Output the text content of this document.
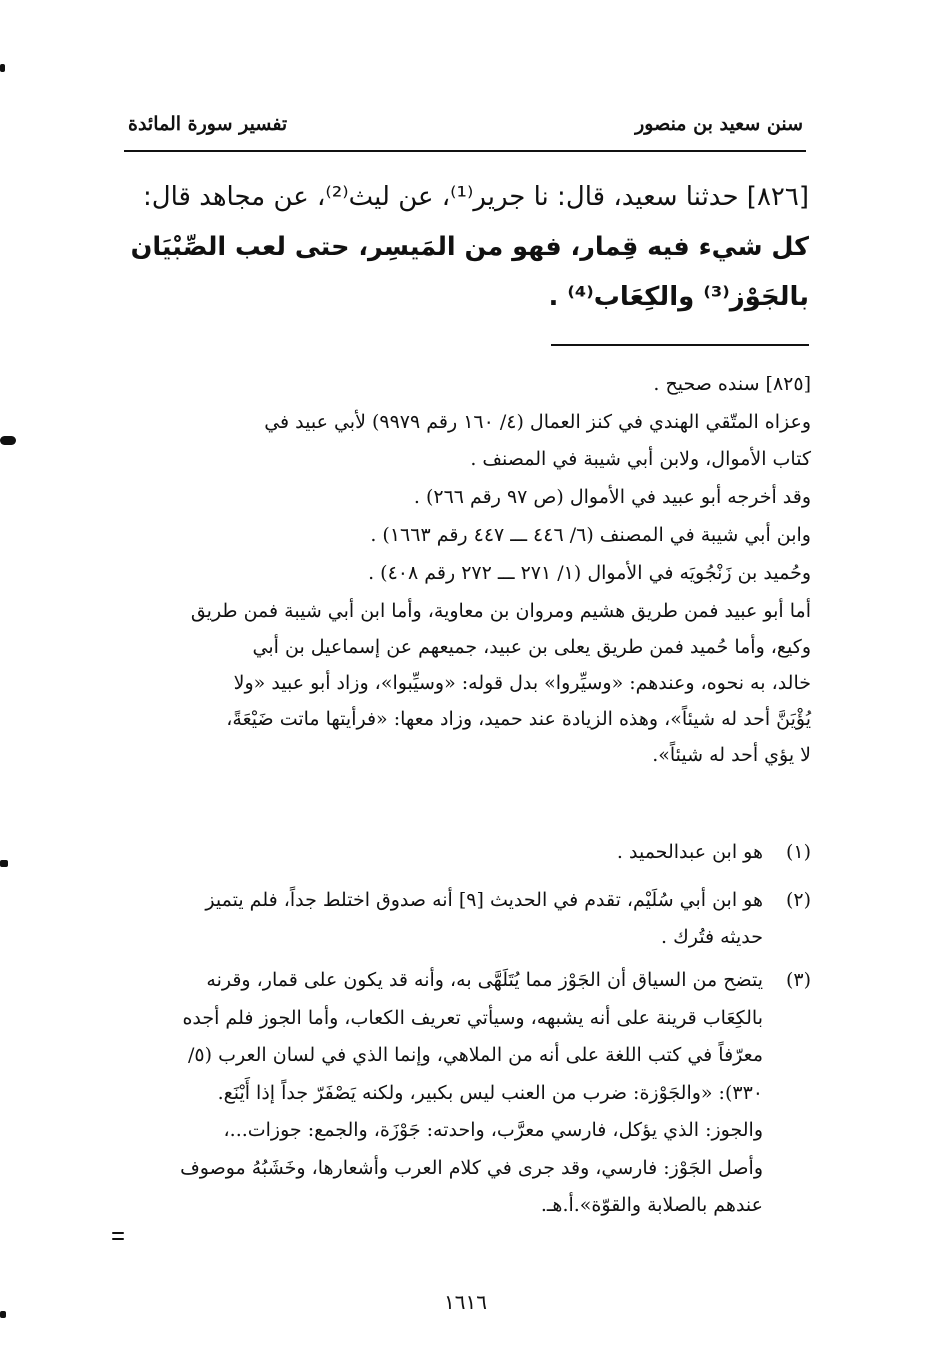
سنن سعيد بن منصور
تفسير سورة المائدة
[٨٢٦] حدثنا سعيد، قال: نا جرير⁽¹⁾، عن ليث⁽²⁾، عن مجاهد قال:
كل شيء فيه قِمار، فهو من المَيسِر، حتى لعب الصِّبْيَان
بالجَوْز⁽³⁾ والكِعَاب⁽⁴⁾ .
[٨٢٥] سنده صحيح .
وعزاه المتّقي الهندي في كنز العمال (٤/ ١٦٠ رقم ٩٩٧٩) لأبي عبيد في
كتاب الأموال، ولابن أبي شيبة في المصنف .
وقد أخرجه أبو عبيد في الأموال (ص ٩٧ رقم ٢٦٦) .
وابن أبي شيبة في المصنف (٦/ ٤٤٦ ـــ ٤٤٧ رقم ١٦٦٣) .
وحُميد بن زَنْجُويَه في الأموال (١/ ٢٧١ ـــ ٢٧٢ رقم ٤٠٨) .
أما أبو عبيد فمن طريق هشيم ومروان بن معاوية، وأما ابن أبي شيبة فمن طريق
وكيع، وأما حُميد فمن طريق يعلى بن عبيد، جميعهم عن إسماعيل بن أبي
خالد، به نحوه، وعندهم: «وسيِّروا» بدل قوله: «وسيِّبوا»، وزاد أبو عبيد «ولا
يُؤْيَنَّ أحد له شيئاً»، وهذه الزيادة عند حميد، وزاد معها: «فرأيتها ماتت ضَيْعَةً،
لا يؤي أحد له شيئاً».
(١)
هو ابن عبدالحميد .
(٢)
هو ابن أبي سُلَيْم، تقدم في الحديث [٩] أنه صدوق اختلط جداً، فلم يتميز
حديثه فتُرك .
(٣)
يتضح من السياق أن الجَوْز مما يُتَلَهَّى به، وأنه قد يكون على قمار، وقرنه
بالكِعَاب قرينة على أنه يشبهه، وسيأتي تعريف الكعاب، وأما الجوز فلم أجده
معرّفاً في كتب اللغة على أنه من الملاهي، وإنما الذي في لسان العرب (٥/
٣٣٠): «والجَوْزة: ضرب من العنب ليس بكبير، ولكنه يَصْفَرّ جداً إذا أَيْنَع.
والجوز: الذي يؤكل، فارسي معرَّب، واحدته: جَوْزَة، والجمع: جوزات...،
وأصل الجَوْز: فارسي، وقد جرى في كلام العرب وأشعارها، وخَشَبُهُ موصوف
عندهم بالصلابة والقوّة».أ.هـ.
١٦١٦
